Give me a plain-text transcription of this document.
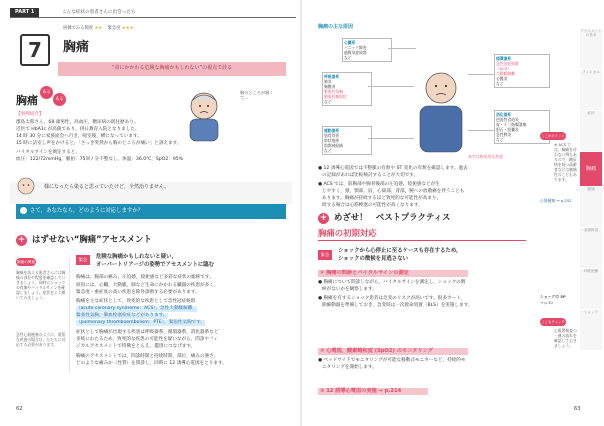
PART 1	こんな症状の患者さんに出会ったら
7
病棟でみる頻度 ★★ 緊急度 ★★★
胸痛
“命にかかわる危険な胸痛かもしれない”の視点で診る
胸痛
ある
ある
胸のところが痛くて…
【事例紹介】
郡島太郎さん，68 歳男性，高血圧，糖尿病の既往歴あり。
近医で HbA1c が高値であり，併日教育入院となりました。
14 時 30 分に家族面会へ行き，帰室後，横になっています。
15 時に訪室し声をかけると，「さっき突然から胸のところが痛い」と訴えます。
バイタルサインを測定すると，
血圧：122/72mmHg，脈拍：75回 / 分不整なし，体温：36.0℃，SpO2：95%
様になったら染ると思っていたけど，全然治りません。
さて，あなたなら，どのように対応しますか？
+ はずせない“胸痛”アセスメント
胸痛の関連
胸痛を訴える患者さんには胸痛の部位や程度を確認していきましょう。同時にショックの有無やバイタルサインを確認しましょう。症状をよく聞いてみましょう。
急性心筋梗塞のように，重篤な疾患の場合は，ただちに対応する必要があります。
緊急	危険な胸痛かもしれないと疑い，
オーバートリアージの姿勢でアセスメントに臨む
胸痛は，胸部の痛み，圧迫感，絞扼感など多彩な症状の総称です。
原因には，心臓，大動脈，肺など生命にかかわる臓器の疾患が多く，
緊急度・重症度の高い疾患を除外診断する必要があります。
胸痛を主な症状として，致死的な疾患として急性冠症候群
（acute coronary syndrome：ACS），急性大動脈解離，
緊張性気胸，肺血栓塞栓症などがあります。
（pulmonary thromboembolism：PTE），緊張性気胸です。
症状として胸痛が出現する疾患は呼吸器系，循環器系，消化器系など
多岐にわたるため，致死的な疾患の可能性を疑いながら，問診やフィ
ジカルアセスメントで特徴をとらえ，鑑別につなげます。
胸痛のアセスメントでは，問診時間と持続時間，部位，痛みの強さ，
どのような痛みか（性質）を問診し，同時に 12 誘導心電図をとります。
62
胸痛の主な原因
心臓系
パニック障害
過換気症候群
など
呼吸器系
肺炎
胸膜炎
緊張性気胸
肺血栓塞栓症
など
運動器系
肋骨骨折
帯状疱疹
肋間神経痛
など
循環器系
急性冠症候群
（ACS）
大動脈解離
心膜炎
など
消化器系
逆流性食道炎
胃・十二指腸潰瘍
胆石・胆嚢炎
急性膵炎
など
赤字は致死的な疾患
● 12 誘導心電図では不整脈の有無や ST 変化の有無を確認します。過去
の記録があれば比較検討することが大切です。
● ACS では，前胸部や胸骨後部の圧迫感，絞扼感などが生
じやすく，頸，顎部，肩，心窩部，背部，腕への放散痛を伴うことも
あります。胸痛が持続するほど致死的な可能性が高まり，
続する場合は心筋梗塞の可能性が高くなります。
+ めざせ！　ベストプラクティス
胸痛の初期対応
緊急
ショックから心停止に至るケースも存在するため，
ショックの徴候を見逃さない
① 胸痛の問診とバイタルサインの測定
● 胸痛について問診しながら，バイタルサインを測定し，ショックの徴
候がないかを観察します。
● 胸痛を有するショック患者は急変のリスクが高いです。很多カート，
除細動器を準備しておき，急変時は一次救命処置（BLS）を実施します。
② 心電図，酸素飽和度 (SpO2) のモニタリング
● ベッドサイドでモニタリングが可能な移動式モニターなど，持続的モ
ニタリングを開始します。
③ 12 誘導心電図の実施 → p.214
ここがポイント
※ ACS では，胸痛を伴わない例もあるので，糖尿病を持つ高齢者などは無痛性のこともあります。
心筋梗塞 → p.252
ショックの 5P
→ p.30
ここもチェック
心電図検査の一連の流れを確認しておきましょう。
アセスメントの基本
フィジカル
症状
胸痛
腹痛
意識障害
呼吸困難
ショック
63
